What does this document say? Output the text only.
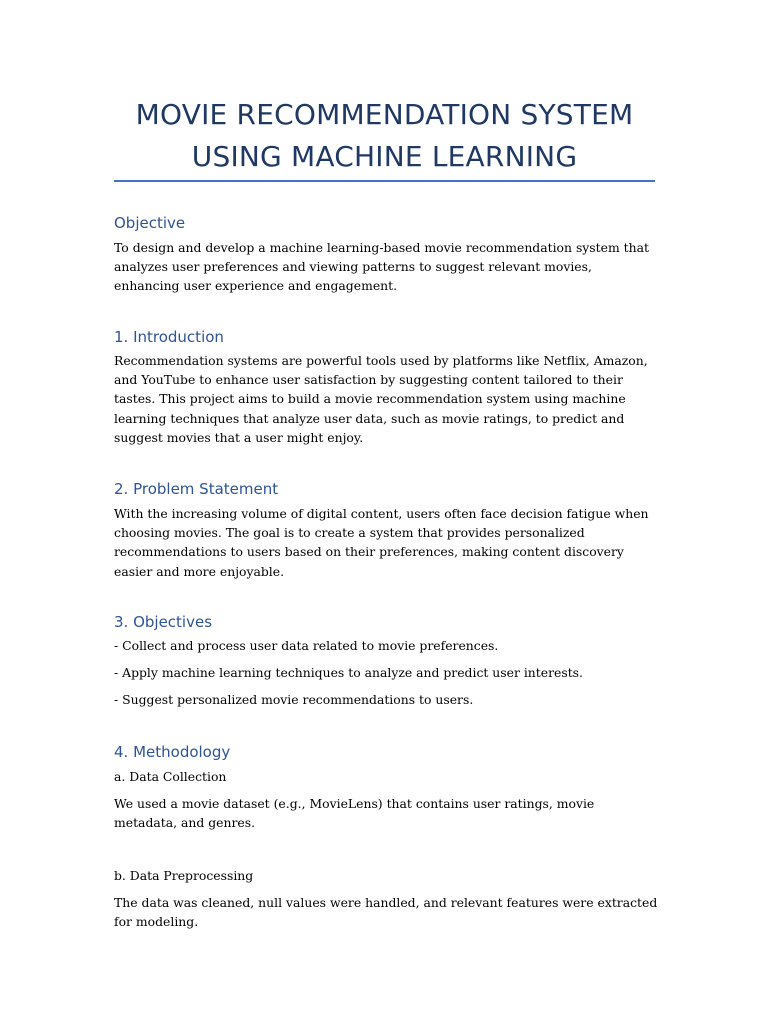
MOVIE RECOMMENDATION SYSTEM
USING MACHINE LEARNING
Objective

To design and develop a machine learning-based movie recommendation system that analyzes user preferences and viewing patterns to suggest relevant movies, enhancing user experience and engagement.

1. Introduction

Recommendation systems are powerful tools used by platforms like Netflix, Amazon, and YouTube to enhance user satisfaction by suggesting content tailored to their tastes. This project aims to build a movie recommendation system using machine learning techniques that analyze user data, such as movie ratings, to predict and suggest movies that a user might enjoy.

2. Problem Statement

With the increasing volume of digital content, users often face decision fatigue when choosing movies. The goal is to create a system that provides personalized recommendations to users based on their preferences, making content discovery easier and more enjoyable.

3. Objectives

- Collect and process user data related to movie preferences.

- Apply machine learning techniques to analyze and predict user interests.

- Suggest personalized movie recommendations to users.

4. Methodology

a. Data Collection

We used a movie dataset (e.g., MovieLens) that contains user ratings, movie metadata, and genres.

b. Data Preprocessing

The data was cleaned, null values were handled, and relevant features were extracted for modeling.
